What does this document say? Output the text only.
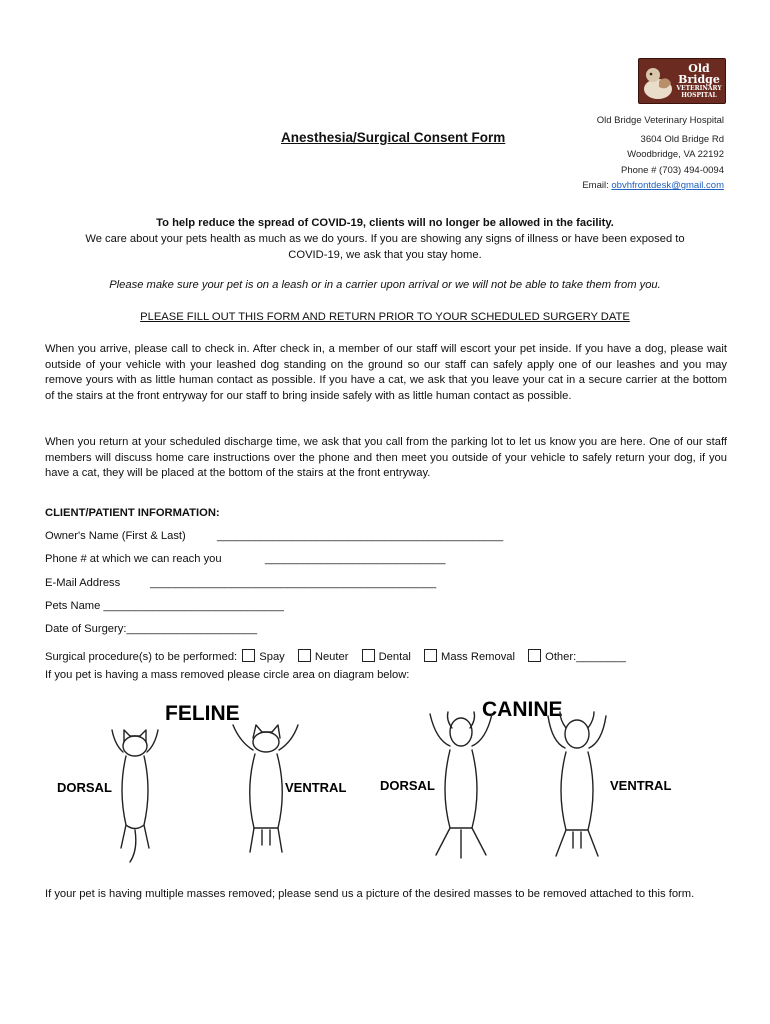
Old Bridge
VETERINARY
HOSPITAL
Old Bridge Veterinary Hospital
3604 Old Bridge Rd
Woodbridge, VA 22192
Phone # (703) 494-0094
Email: obvhfrontdesk@gmail.com
Anesthesia/Surgical Consent Form
To help reduce the spread of COVID-19, clients will no longer be allowed in the facility.
We care about your pets health as much as we do yours. If you are showing any signs of illness or have been exposed to
COVID-19, we ask that you stay home.
Please make sure your pet is on a leash or in a carrier upon arrival or we will not be able to take them from you.
PLEASE FILL OUT THIS FORM AND RETURN PRIOR TO YOUR SCHEDULED SURGERY DATE
When you arrive, please call to check in. After check in, a member of our staff will escort your pet inside. If you have a dog, please wait outside of your vehicle with your leashed dog standing on the ground so our staff can safely apply one of our leashes and you may remove yours with as little human contact as possible. If you have a cat, we ask that you leave your cat in a secure carrier at the bottom of the stairs at the front entryway for our staff to bring inside safely with as little human contact as possible.
When you return at your scheduled discharge time, we ask that you call from the parking lot to let us know you are here. One of our staff members will discuss home care instructions over the phone and then meet you outside of your vehicle to safely return your dog, if you have a cat, they will be placed at the bottom of the stairs at the front entryway.
CLIENT/PATIENT INFORMATION:
Owner's Name (First & Last)	______________________________________________
Phone # at which we can reach you	_____________________________
E-Mail Address	______________________________________________
Pets Name _____________________________
Date of Surgery:_____________________
Surgical procedure(s) to be performed: Spay	Neuter	Dental	Mass Removal	Other:________
If you pet is having a mass removed please circle area on diagram below:
FELINE	CANINE
DORSAL	VENTRAL	DORSAL	VENTRAL
If your pet is having multiple masses removed; please send us a picture of the desired masses to be removed attached to this form.
